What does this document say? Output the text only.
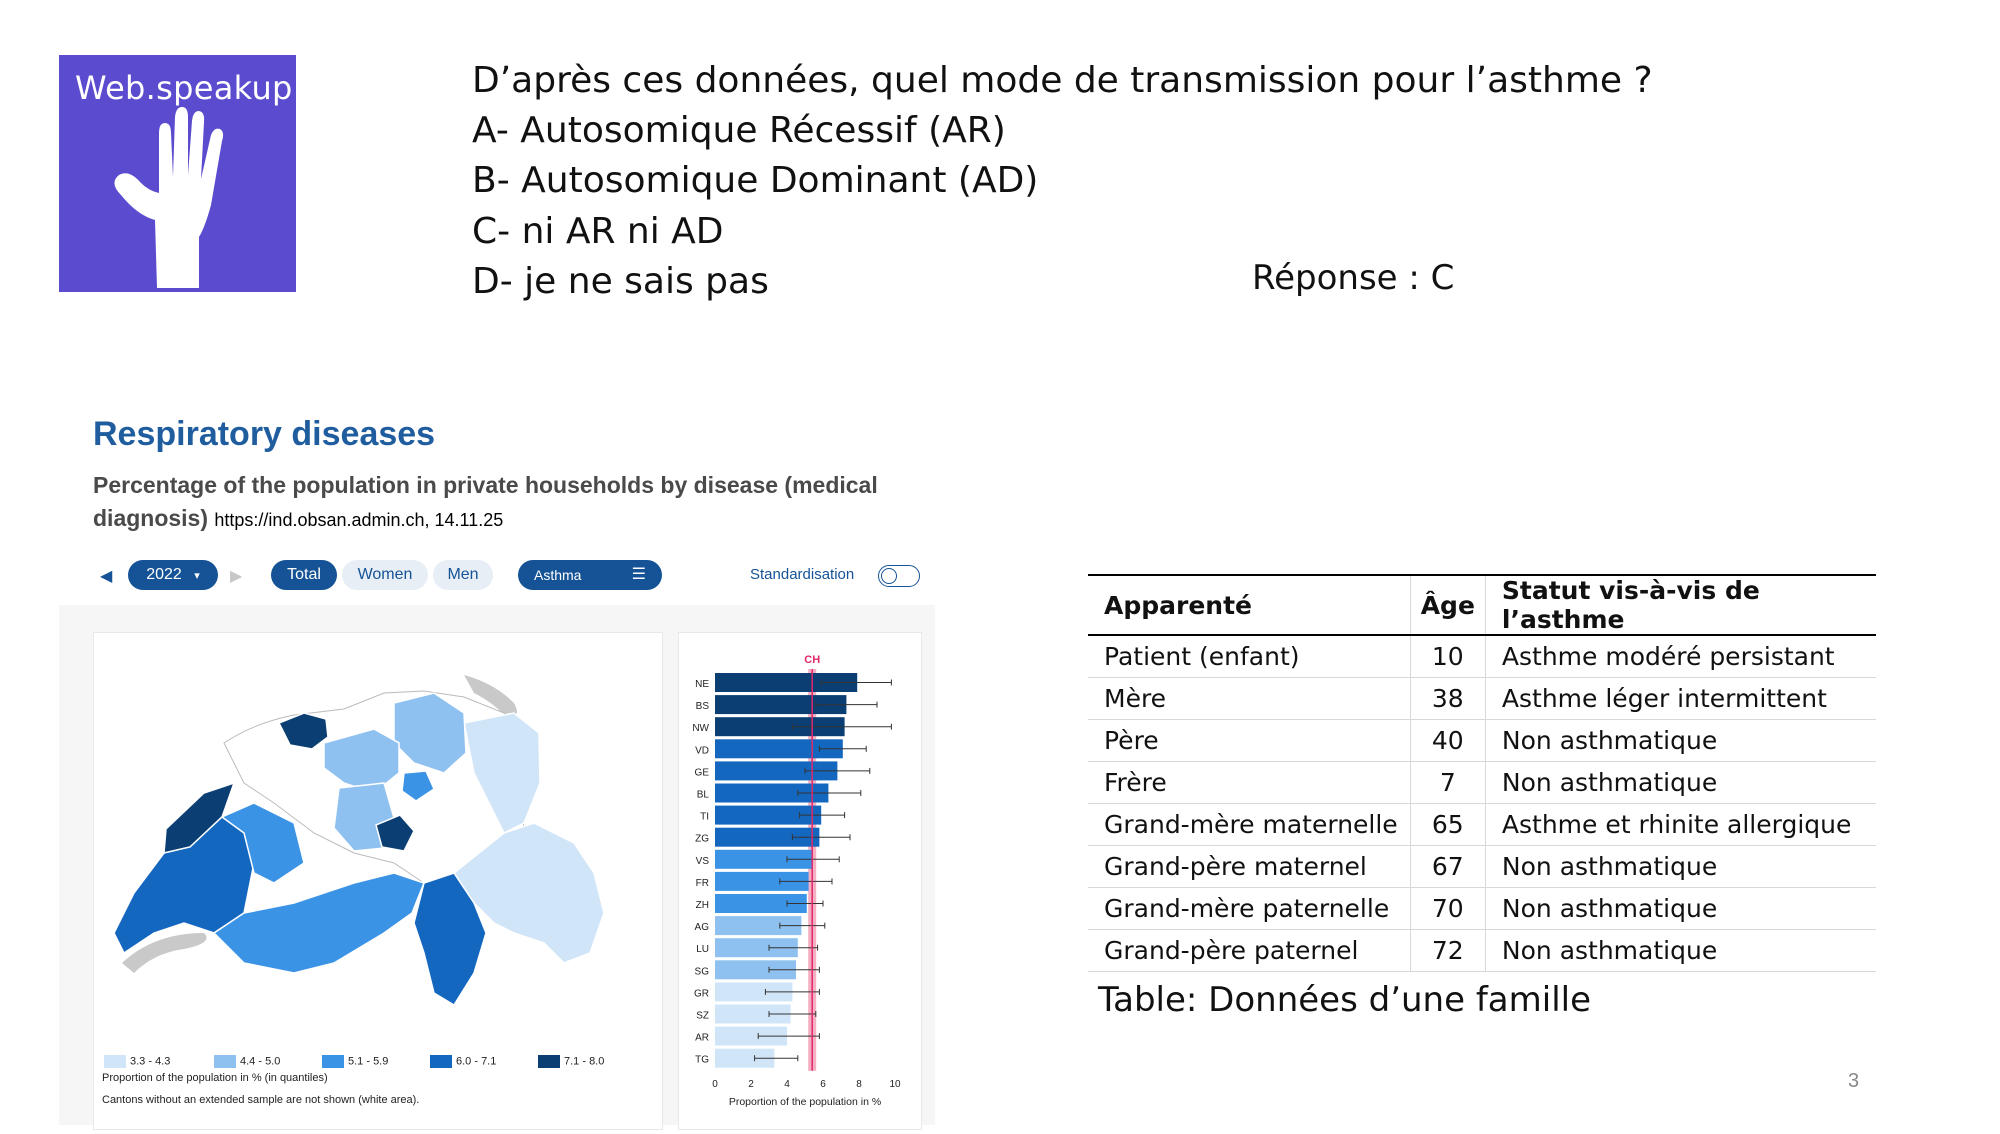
Web.speakup.	D’après ces données, quel mode de transmission pour l’asthme ?
A- Autosomique Récessif (AR)
B- Autosomique Dominant (AD)
C- ni AR ni AD
D- je ne sais pas	Réponse : C
Respiratory diseases
Percentage of the population in private households by disease (medical diagnosis) https://ind.obsan.admin.ch, 14.11.25
◀	2022 ▾	▶	Total	Women	Men	Asthma	☰	Standardisation
3.3 - 4.3	4.4 - 5.0	5.1 - 5.9	6.0 - 7.1	7.1 - 8.0
Proportion of the population in % (in quantiles)
Cantons without an extended sample are not shown (white area).
NE
BS
NW
VD
GE
BL
TI
ZG
VS
FR
ZH
AG
LU
SG
GR
SZ
AR
TG
CH
0	2	4	6	8	10
Proportion of the population in %
Apparenté	Âge	Statut vis-à-vis de l’asthme
Patient (enfant)	10	Asthme modéré persistant
Mère	38	Asthme léger intermittent
Père	40	Non asthmatique
Frère	7	Non asthmatique
Grand-mère maternelle	65	Asthme et rhinite allergique
Grand-père maternel	67	Non asthmatique
Grand-mère paternelle	70	Non asthmatique
Grand-père paternel	72	Non asthmatique
Table: Données d’une famille
3
